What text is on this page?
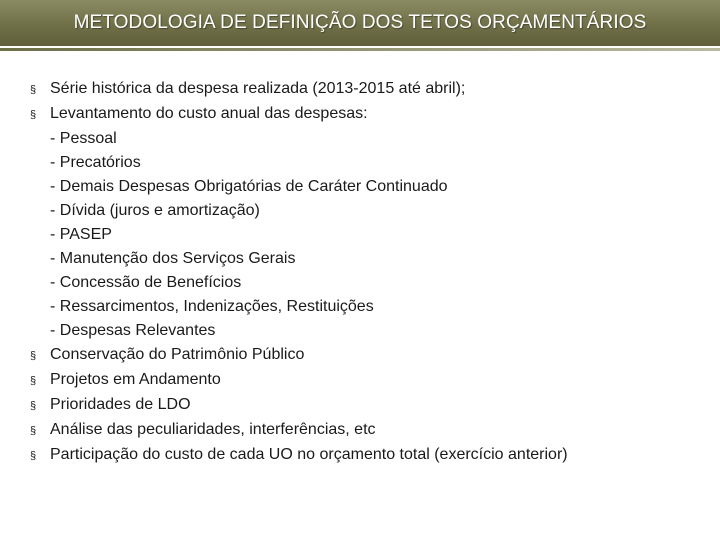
METODOLOGIA DE DEFINIÇÃO DOS TETOS ORÇAMENTÁRIOS
§ Série histórica da despesa realizada (2013-2015 até abril);
§ Levantamento do custo anual das despesas:
- Pessoal
- Precatórios
- Demais Despesas Obrigatórias de Caráter Continuado
- Dívida (juros e amortização)
- PASEP
- Manutenção dos Serviços Gerais
- Concessão de Benefícios
- Ressarcimentos, Indenizações, Restituições
- Despesas Relevantes
§ Conservação do Patrimônio Público
§ Projetos em Andamento
§ Prioridades de LDO
§ Análise das peculiaridades, interferências, etc
§ Participação do custo de cada UO no orçamento total (exercício anterior)
